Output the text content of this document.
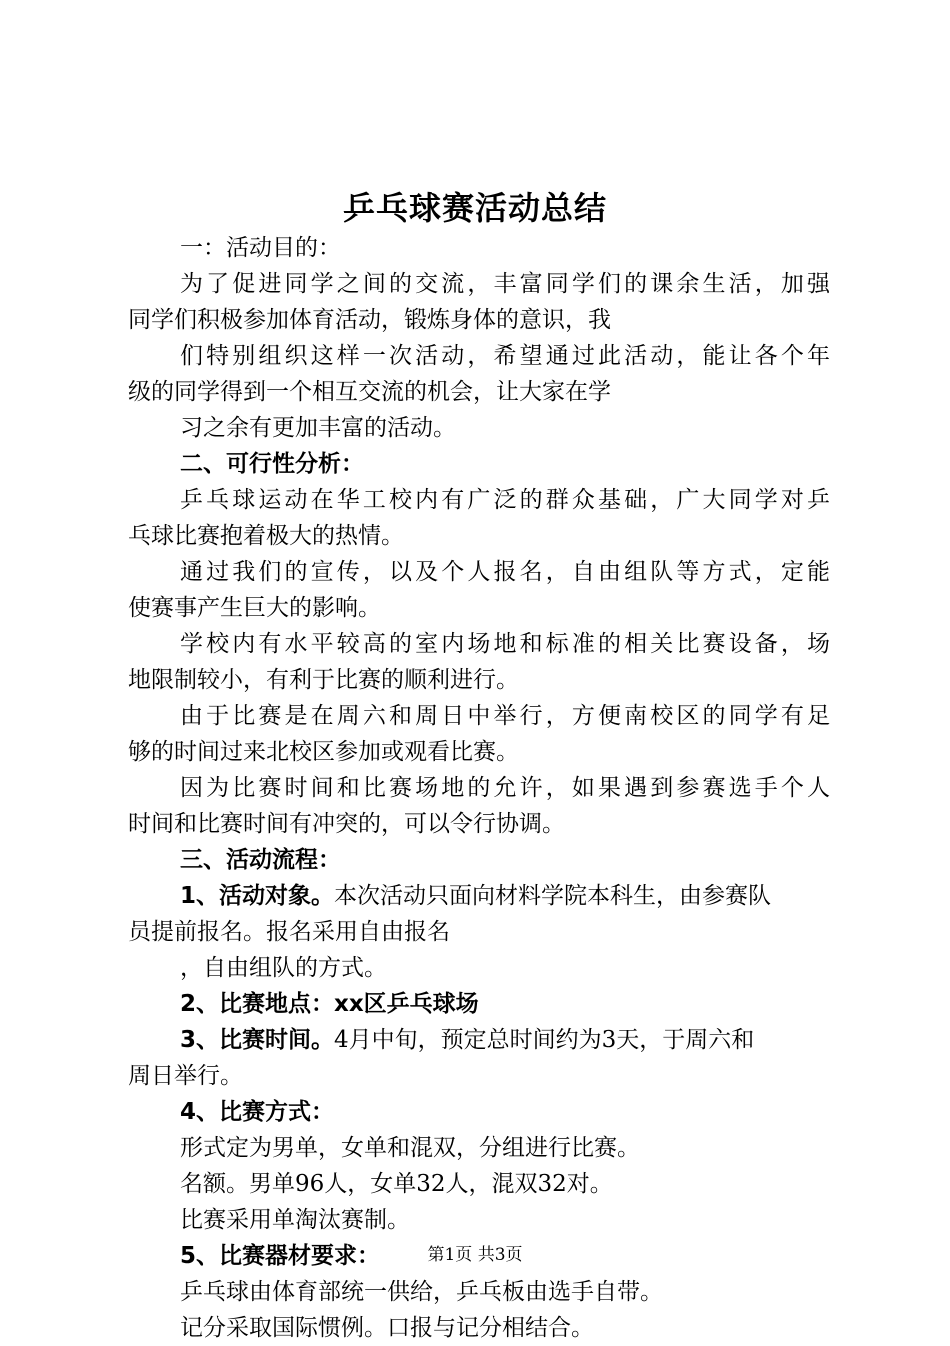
乒乓球赛活动总结
一：活动目的：
为了促进同学之间的交流，丰富同学们的课余生活，加强
同学们积极参加体育活动，锻炼身体的意识，我
们特别组织这样一次活动，希望通过此活动，能让各个年
级的同学得到一个相互交流的机会，让大家在学
习之余有更加丰富的活动。
二、可行性分析：
乒乓球运动在华工校内有广泛的群众基础，广大同学对乒
乓球比赛抱着极大的热情。
通过我们的宣传，以及个人报名，自由组队等方式，定能
使赛事产生巨大的影响。
学校内有水平较高的室内场地和标准的相关比赛设备，场
地限制较小，有利于比赛的顺利进行。
由于比赛是在周六和周日中举行，方便南校区的同学有足
够的时间过来北校区参加或观看比赛。
因为比赛时间和比赛场地的允许，如果遇到参赛选手个人
时间和比赛时间有冲突的，可以令行协调。
三、活动流程：
1、活动对象。本次活动只面向材料学院本科生，由参赛队
员提前报名。报名采用自由报名
，自由组队的方式。
2、比赛地点：xx区乒乓球场
3、比赛时间。4月中旬，预定总时间约为3天，于周六和
周日举行。
4、比赛方式：
形式定为男单，女单和混双，分组进行比赛。
名额。男单96人，女单32人，混双32对。
比赛采用单淘汰赛制。
5、比赛器材要求：
乒乓球由体育部统一供给，乒乓板由选手自带。
记分采取国际惯例。口报与记分相结合。
第1页 共3页
